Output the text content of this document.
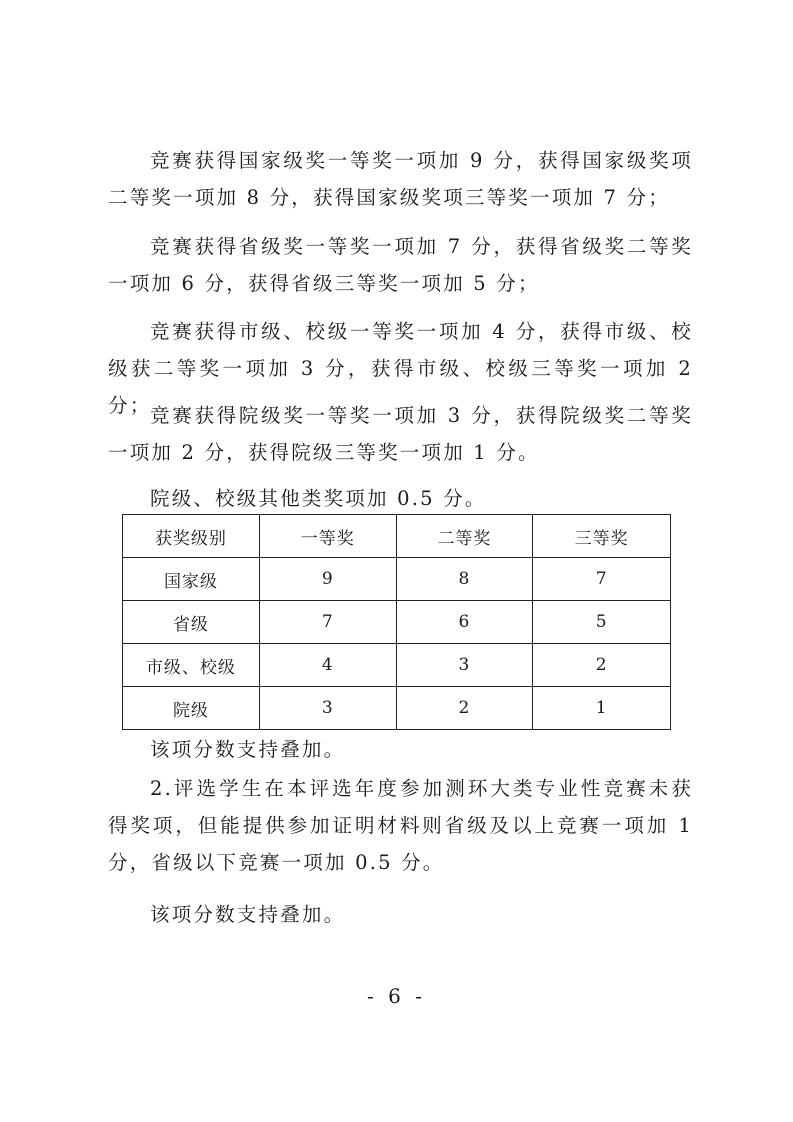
竞赛获得国家级奖一等奖一项加 9 分，获得国家级奖项二等奖一项加 8 分，获得国家级奖项三等奖一项加 7 分；

竞赛获得省级奖一等奖一项加 7 分，获得省级奖二等奖一项加 6 分，获得省级三等奖一项加 5 分；

竞赛获得市级、校级一等奖一项加 4 分，获得市级、校级获二等奖一项加 3 分，获得市级、校级三等奖一项加 2 分；

竞赛获得院级奖一等奖一项加 3 分，获得院级奖二等奖一项加 2 分，获得院级三等奖一项加 1 分。

院级、校级其他类奖项加 0.5 分。

获奖级别	一等奖	二等奖	三等奖
国家级	9	8	7
省级	7	6	5
市级、校级	4	3	2
院级	3	2	1

该项分数支持叠加。

2.评选学生在本评选年度参加测环大类专业性竞赛未获得奖项，但能提供参加证明材料则省级及以上竞赛一项加 1 分，省级以下竞赛一项加 0.5 分。

该项分数支持叠加。

- 6 -
